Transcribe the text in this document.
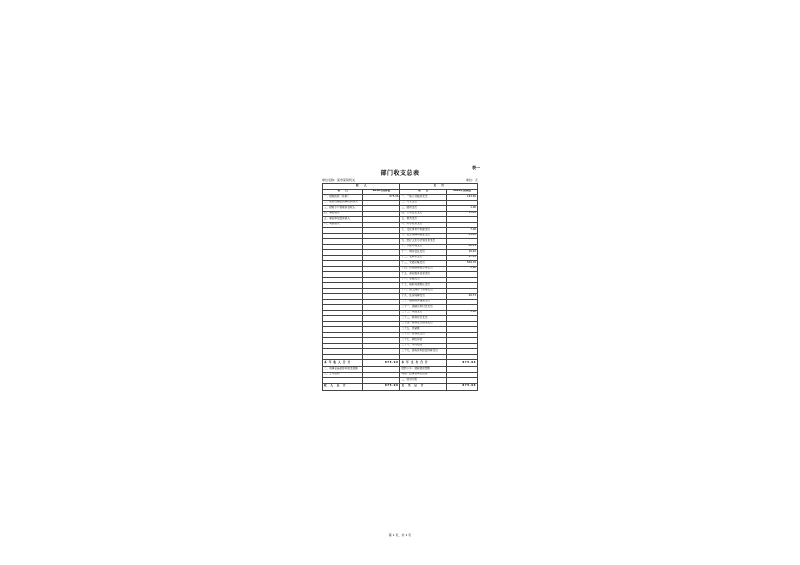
表一
部门收支总表
单位名称：某市某局机关	单位：元
收　　入		支　　出	
项　　目	2016年预算数	项　　目	2016年预算数
一、财政拨款（补助）	875.96	一、一般公共服务支出	163.46
二、政府性基金预算拨款收入		二、外交支出	
三、财政专户管理资金收入		三、国防支出	1.00
四、事业收入		四、公共安全支出	15.00
五、事业单位经营收入		五、教育支出	
六、其他收入		六、科学技术支出	
		七、文化体育与传媒支出	7.00
		八、社会保障和就业支出	41.00
		九、医疗卫生与计划生育支出	
		十、节能环保支出	60.14
		十一、城乡社区支出	16.20
		十二、农林水支出	27.12
		十三、交通运输支出	509.70
		十四、资源勘探信息等支出	3.60
		十五、商业服务业等支出	
		十六、金融支出	
		十七、援助其他地区支出	
		十八、国土海洋气象等支出	
		十九、住房保障支出	26.73
		二十、粮油物资储备支出	
		二十一、国债还本付息支出	
		二十二、其他支出	5.00
		二十三、债务付息支出	
		二十四、债务发行费用支出	
		二十五、预备费	
		二十六、转移性支出	
		二十七、调出资金	
		二十八、年终结转	
		二十九、国有资本经营预算支出	

本 年 收 入 合 计	875.96	本 年 支 出 合 计	875.96
二、用事业基金弥补收支差额		结转下年：财政拨款结转	
三、上年结转		其他：按事业单位结余	
		三、结余分配	
收　入　总　计	875.96	支　出　总　计	875.96
第 1 页，共 1 页
